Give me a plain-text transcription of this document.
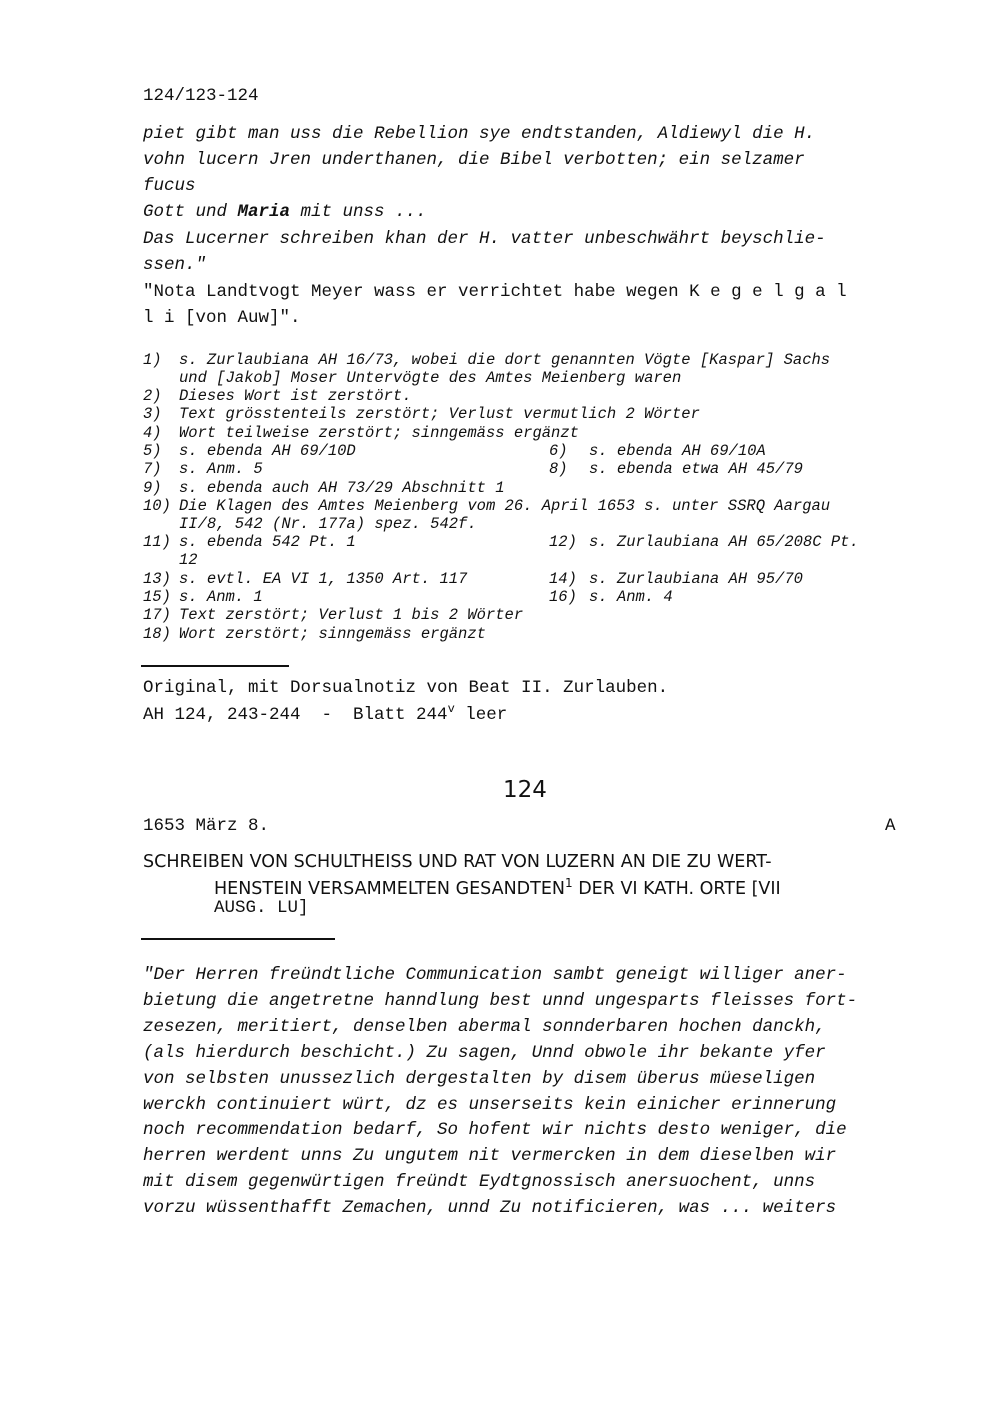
124/123-124
piet gibt man uss die Rebellion sye endtstanden, Aldiewyl die H.
vohn lucern Jren underthanen, die Bibel verbotten; ein selzamer
fucus
Gott und Maria mit unss ...
Das Lucerner schreiben khan der H. vatter unbeschwährt beyschlie-
ssen."
"Nota Landtvogt Meyer wass er verrichtet habe wegen K e g e l g a l
l i [von Auw]".
1) s. Zurlaubiana AH 16/73, wobei die dort genannten Vögte [Kaspar] Sachs
und [Jakob] Moser Untervögte des Amtes Meienberg waren
2) Dieses Wort ist zerstört.
3) Text grösstenteils zerstört; Verlust vermutlich 2 Wörter
4) Wort teilweise zerstört; sinngemäss ergänzt
5) s. ebenda AH 69/10D	6) s. ebenda AH 69/10A
7) s. Anm. 5	8) s. ebenda etwa AH 45/79
9) s. ebenda auch AH 73/29 Abschnitt 1
10) Die Klagen des Amtes Meienberg vom 26. April 1653 s. unter SSRQ Aargau
II/8, 542 (Nr. 177a) spez. 542f.
11) s. ebenda 542 Pt. 1	12) s. Zurlaubiana AH 65/208C Pt.
12
13) s. evtl. EA VI 1, 1350 Art. 117	14) s. Zurlaubiana AH 95/70
15) s. Anm. 1	16) s. Anm. 4
17) Text zerstört; Verlust 1 bis 2 Wörter
18) Wort zerstört; sinngemäss ergänzt
Original, mit Dorsualnotiz von Beat II. Zurlauben.
AH 124, 243-244  -  Blatt 244$^v$ leer
124
1653 März 8.	A
SCHREIBEN VON SCHULTHEISS UND RAT VON LUZERN AN DIE ZU WERT-
HENSTEIN VERSAMMELTEN GESANDTEN$^1$ DER VI KATH. ORTE [VII
AUSG. LU]
"Der Herren freündtliche Communication sambt geneigt williger aner-
bietung die angetretne hanndlung best unnd ungesparts fleisses fort-
zesezen, meritiert, denselben abermal sonnderbaren hochen danckh,
(als hierdurch beschicht.) Zu sagen, Unnd obwole ihr bekante yfer
von selbsten unussezlich dergestalten by disem überus müeseligen
werckh continuiert würt, dz es unserseits kein einicher erinnerung
noch recommendation bedarf, So hofent wir nichts desto weniger, die
herren werdent unns Zu ungutem nit vermercken in dem dieselben wir
mit disem gegenwürtigen freündt Eydtgnossisch anersuochent, unns
vorzu wüssenthafft Zemachen, unnd Zu notificieren, was ... weiters
